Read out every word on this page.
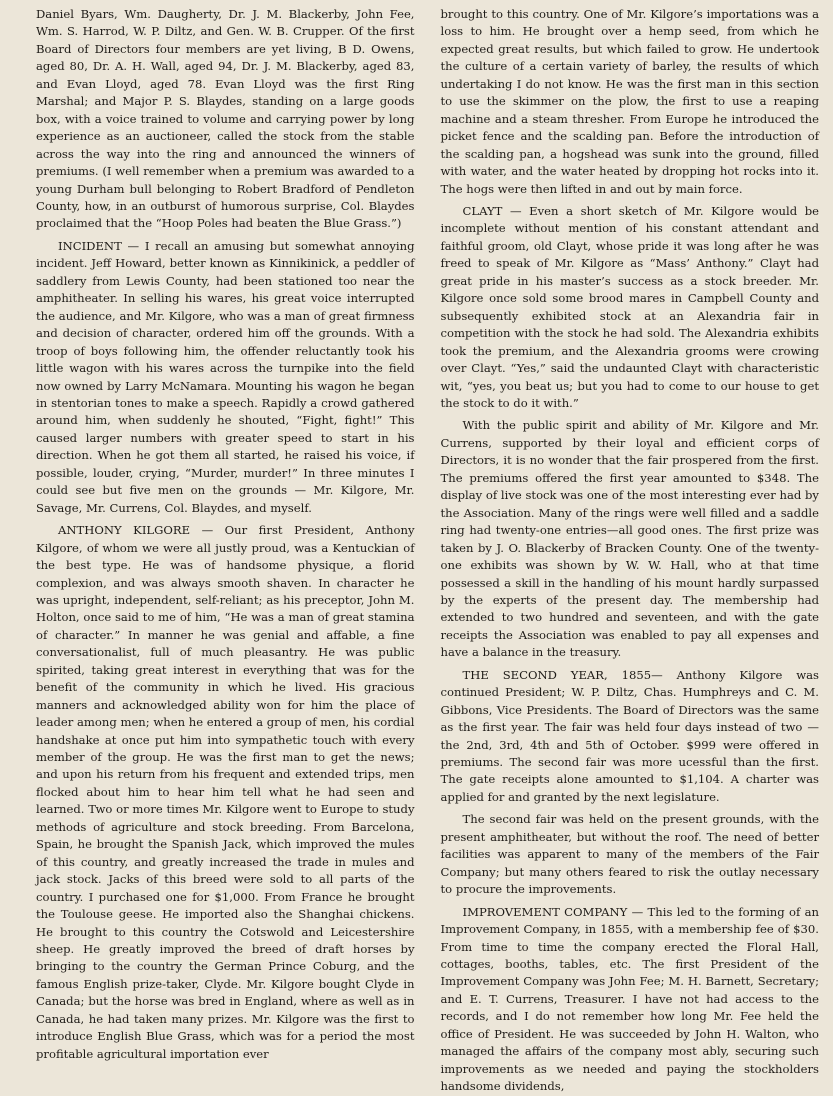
Daniel Byars, Wm. Daugherty, Dr. J. M. Blackerby, John Fee, Wm. S. Harrod, W. P. Diltz, and Gen. W. B. Crupper. Of the first Board of Directors four members are yet living, B D. Owens, aged 80, Dr. A. H. Wall, aged 94, Dr. J. M. Blackerby, aged 83, and Evan Lloyd, aged 78. Evan Lloyd was the first Ring Marshal; and Major P. S. Blaydes, standing on a large goods box, with a voice trained to volume and carrying power by long experience as an auctioneer, called the stock from the stable across the way into the ring and announced the winners of premiums. (I well remember when a premium was awarded to a young Durham bull belonging to Robert Bradford of Pendleton County, how, in an outburst of humorous surprise, Col. Blaydes proclaimed that the “Hoop Poles had beaten the Blue Grass.”)

INCIDENT — I recall an amusing but somewhat annoying incident. Jeff Howard, better known as Kinnikinick, a peddler of saddlery from Lewis County, had been stationed too near the amphitheater. In selling his wares, his great voice interrupted the audience, and Mr. Kilgore, who was a man of great firmness and decision of character, ordered him off the grounds. With a troop of boys following him, the offender reluctantly took his little wagon with his wares across the turnpike into the field now owned by Larry McNamara. Mounting his wagon he began in stentorian tones to make a speech. Rapidly a crowd gathered around him, when suddenly he shouted, “Fight, fight!” This caused larger numbers with greater speed to start in his direction. When he got them all started, he raised his voice, if possible, louder, crying, “Murder, murder!” In three minutes I could see but five men on the grounds — Mr. Kilgore, Mr. Savage, Mr. Currens, Col. Blaydes, and myself.

ANTHONY KILGORE — Our first President, Anthony Kilgore, of whom we were all justly proud, was a Kentuckian of the best type. He was of handsome physique, a florid complexion, and was always smooth shaven. In character he was upright, independent, self-reliant; as his preceptor, John M. Holton, once said to me of him, “He was a man of great stamina of character.” In manner he was genial and affable, a fine conversationalist, full of much pleasantry. He was public spirited, taking great interest in everything that was for the benefit of the community in which he lived. His gracious manners and acknowledged ability won for him the place of leader among men; when he entered a group of men, his cordial handshake at once put him into sympathetic touch with every member of the group. He was the first man to get the news; and upon his return from his frequent and extended trips, men flocked about him to hear him tell what he had seen and learned. Two or more times Mr. Kilgore went to Europe to study methods of agriculture and stock breeding. From Barcelona, Spain, he brought the Spanish Jack, which improved the mules of this country, and greatly increased the trade in mules and jack stock. Jacks of this breed were sold to all parts of the country. I purchased one for $1,000. From France he brought the Toulouse geese. He imported also the Shanghai chickens. He brought to this country the Cotswold and Leicestershire sheep. He greatly improved the breed of draft horses by bringing to the country the German Prince Coburg, and the famous English prize-taker, Clyde. Mr. Kilgore bought Clyde in Canada; but the horse was bred in England, where as well as in Canada, he had taken many prizes. Mr. Kilgore was the first to introduce English Blue Grass, which was for a period the most profitable agricultural importation ever

brought to this country. One of Mr. Kilgore’s importations was a loss to him. He brought over a hemp seed, from which he expected great results, but which failed to grow. He undertook the culture of a certain variety of barley, the results of which undertaking I do not know. He was the first man in this section to use the skimmer on the plow, the first to use a reaping machine and a steam thresher. From Europe he introduced the picket fence and the scalding pan. Before the introduction of the scalding pan, a hogshead was sunk into the ground, filled with water, and the water heated by dropping hot rocks into it. The hogs were then lifted in and out by main force.

CLAYT — Even a short sketch of Mr. Kilgore would be incomplete without mention of his constant attendant and faithful groom, old Clayt, whose pride it was long after he was freed to speak of Mr. Kilgore as “Mass’ Anthony.” Clayt had great pride in his master’s success as a stock breeder. Mr. Kilgore once sold some brood mares in Campbell County and subsequently exhibited stock at an Alexandria fair in competition with the stock he had sold. The Alexandria exhibits took the premium, and the Alexandria grooms were crowing over Clayt. “Yes,” said the undaunted Clayt with characteristic wit, “yes, you beat us; but you had to come to our house to get the stock to do it with.”

With the public spirit and ability of Mr. Kilgore and Mr. Currens, supported by their loyal and efficient corps of Directors, it is no wonder that the fair prospered from the first. The premiums offered the first year amounted to $348. The display of live stock was one of the most interesting ever had by the Association. Many of the rings were well filled and a saddle ring had twenty-one entries—all good ones. The first prize was taken by J. O. Blackerby of Bracken County. One of the twenty-one exhibits was shown by W. W. Hall, who at that time possessed a skill in the handling of his mount hardly surpassed by the experts of the present day. The membership had extended to two hundred and seventeen, and with the gate receipts the Association was enabled to pay all expenses and have a balance in the treasury.

THE SECOND YEAR, 1855— Anthony Kilgore was continued President; W. P. Diltz, Chas. Humphreys and C. M. Gibbons, Vice Presidents. The Board of Directors was the same as the first year. The fair was held four days instead of two — the 2nd, 3rd, 4th and 5th of October. $999 were offered in premiums. The second fair was more ucessful than the first. The gate receipts alone amounted to $1,104. A charter was applied for and granted by the next legislature.

The second fair was held on the present grounds, with the present amphitheater, but without the roof. The need of better facilities was apparent to many of the members of the Fair Company; but many others feared to risk the outlay necessary to procure the improvements.

IMPROVEMENT COMPANY — This led to the forming of an Improvement Company, in 1855, with a membership fee of $30. From time to time the company erected the Floral Hall, cottages, booths, tables, etc. The first President of the Improvement Company was John Fee; M. H. Barnett, Secretary; and E. T. Currens, Treasurer. I have not had access to the records, and I do not remember how long Mr. Fee held the office of President. He was succeeded by John H. Walton, who managed the affairs of the company most ably, securing such improvements as we needed and paying the stockholders handsome dividends,
